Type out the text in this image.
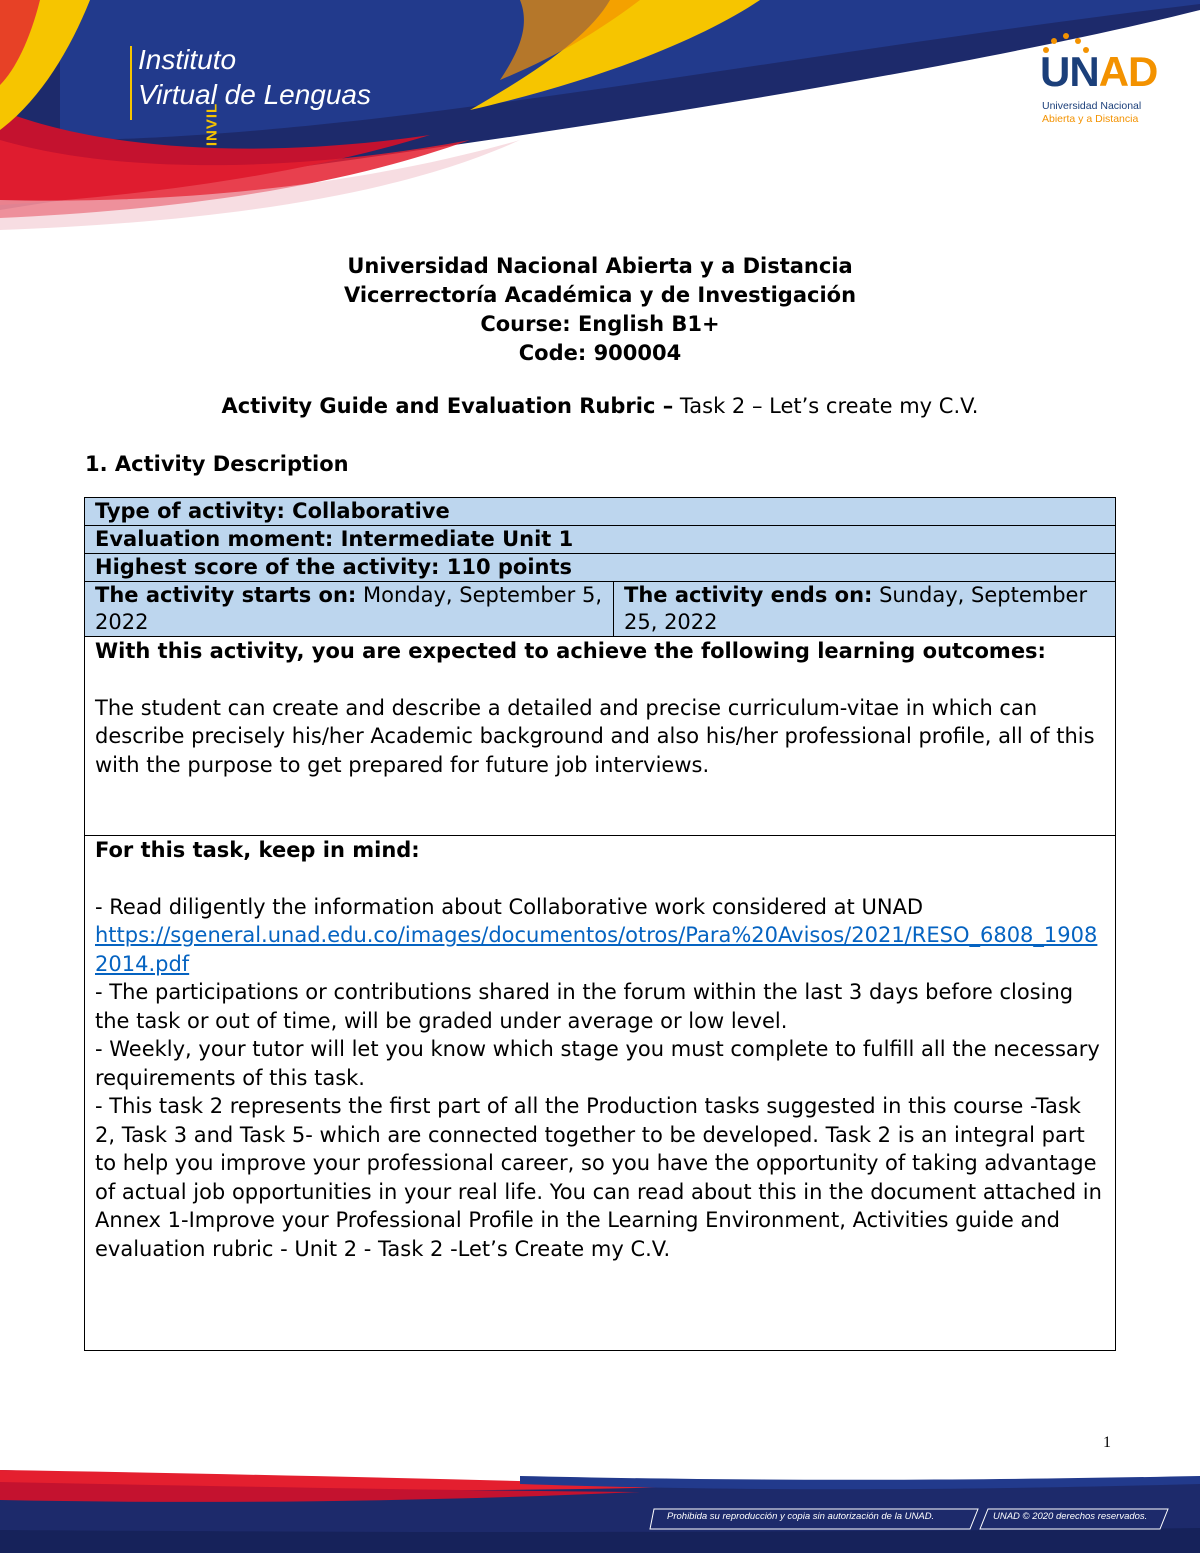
INVIL
Instituto
Virtual de Lenguas	UNAD
Universidad Nacional
Abierta y a Distancia
Universidad Nacional Abierta y a Distancia
Vicerrectoría Académica y de Investigación
Course: English B1+
Code: 900004
Activity Guide and Evaluation Rubric – Task 2 – Let’s create my C.V.
1. Activity Description
Type of activity: Collaborative
Evaluation moment: Intermediate Unit 1
Highest score of the activity: 110 points
The activity starts on: Monday, September 5, 2022	The activity ends on: Sunday, September 25, 2022

With this activity, you are expected to achieve the following learning outcomes:
The student can create and describe a detailed and precise curriculum-vitae in which can describe precisely his/her Academic background and also his/her professional profile, all of this with the purpose to get prepared for future job interviews.

For this task, keep in mind:
- Read diligently the information about Collaborative work considered at UNAD
https://sgeneral.unad.edu.co/images/documentos/otros/Para%20Avisos/2021/RESO_6808_19082014.pdf
- The participations or contributions shared in the forum within the last 3 days before closing the task or out of time, will be graded under average or low level.
- Weekly, your tutor will let you know which stage you must complete to fulfill all the necessary requirements of this task.
- This task 2 represents the first part of all the Production tasks suggested in this course -Task 2, Task 3 and Task 5- which are connected together to be developed. Task 2 is an integral part to help you improve your professional career, so you have the opportunity of taking advantage of actual job opportunities in your real life. You can read about this in the document attached in Annex 1-Improve your Professional Profile in the Learning Environment, Activities guide and evaluation rubric - Unit 2 - Task 2 -Let’s Create my C.V.
1
Prohibida su reproducción y copia sin autorización de la UNAD.	UNAD © 2020 derechos reservados.
